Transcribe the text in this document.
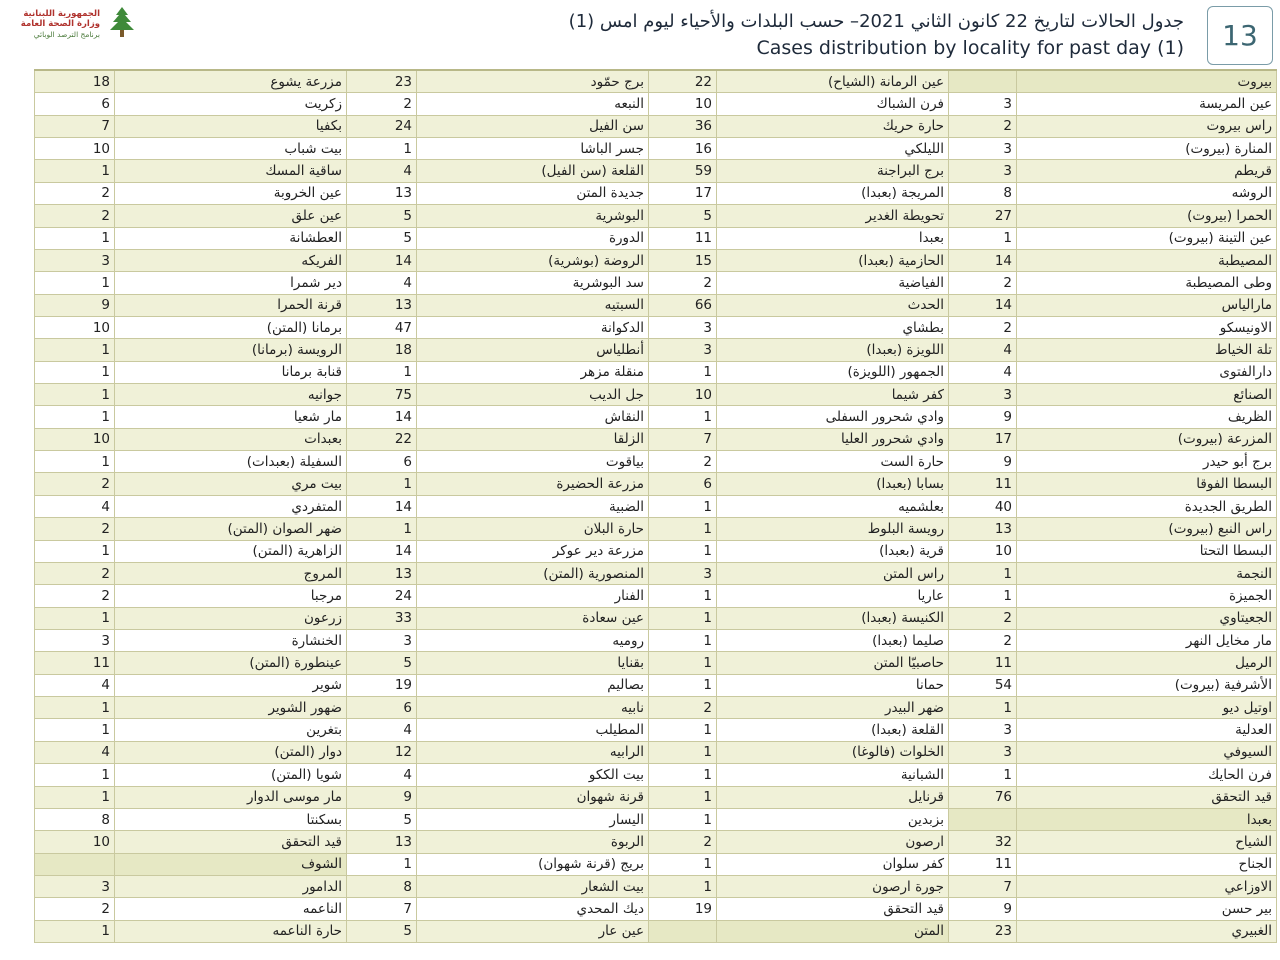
الجمهورية اللبنانية
وزارة الصحة العامة
برنامج الترصد الوبائي
جدول الحالات لتاريخ 22 كانون الثاني 2021– حسب البلدات والأحياء ليوم امس (1)
Cases distribution by locality for past day (1)	13
18	مزرعة يشوع	23	برج حمّود	22	عين الرمانة (الشياح)		بيروت
6	زكريت	2	النبعه	10	فرن الشباك	3	عين المريسة
7	بكفيا	24	سن الفيل	36	حارة حريك	2	راس بيروت
10	بيت شباب	1	جسر الباشا	16	الليلكي	3	المنارة (بيروت)
1	ساقية المسك	4	القلعة (سن الفيل)	59	برج البراجنة	3	قريطم
2	عين الخروبة	13	جديدة المتن	17	المريجة (بعبدا)	8	الروشه
2	عين علق	5	البوشرية	5	تحويطة الغدير	27	الحمرا (بيروت)
1	العطشانة	5	الدورة	11	بعبدا	1	عين التينة (بيروت)
3	الفريكه	14	الروضة (بوشرية)	15	الحازمية (بعبدا)	14	المصيطبة
1	دير شمرا	4	سد البوشرية	2	الفياضية	2	وطى المصيطبة
9	قرنة الحمرا	13	السبتيه	66	الحدث	14	مارالياس
10	برمانا (المتن)	47	الدكوانة	3	بطشاي	2	الاونيسكو
1	الرويسة (برمانا)	18	أنطلياس	3	اللويزة (بعبدا)	4	تلة الخياط
1	قنابة برمانا	1	منقلة مزهر	1	الجمهور (اللويزة)	4	دارالفتوى
1	جوانيه	75	جل الديب	10	كفر شيما	3	الصنائع
1	مار شعيا	14	النقاش	1	وادي شحرور السفلى	9	الظريف
10	بعبدات	22	الزلقا	7	وادي شحرور العليا	17	المزرعة (بيروت)
1	السفيلة (بعبدات)	6	بياقوت	2	حارة الست	9	برج أبو حيدر
2	بيت مري	1	مزرعة الحضيرة	6	بسابا (بعبدا)	11	البسطا الفوقا
4	المتفردي	14	الضبية	1	بعلشميه	40	الطريق الجديدة
2	ضهر الصوان (المتن)	1	حارة البلان	1	رويسة البلوط	13	راس النبع (بيروت)
1	الزاهرية (المتن)	14	مزرعة دير عوكر	1	قرية (بعبدا)	10	البسطا التحتا
2	المروج	13	المنصورية (المتن)	3	راس المتن	1	النجمة
2	مرجبا	24	الفنار	1	عاريا	1	الجميزة
1	زرعون	33	عين سعادة	1	الكنيسة (بعبدا)	2	الجعيتاوي
3	الخنشارة	3	روميه	1	صليما (بعبدا)	2	مار مخايل النهر
11	عينطورة (المتن)	5	بقنايا	1	حاصبيّا المتن	11	الرميل
4	شوير	19	بصاليم	1	حمانا	54	الأشرفية (بيروت)
1	ضهور الشوير	6	نابيه	2	ضهر البيدر	1	اوتيل ديو
1	بتغرين	4	المطيلب	1	القلعة (بعبدا)	3	العدلية
4	دوار (المتن)	12	الرابيه	1	الخلوات (فالوغا)	3	السيوفي
1	شويا (المتن)	4	بيت الككو	1	الشبانية	1	فرن الحايك
1	مار موسى الدوار	9	قرنة شهوان	1	قرنايل	76	قيد التحقق
8	بسكنتا	5	اليسار	1	بزبدين		بعبدا
10	قيد التحقق	13	الربوة	2	ارصون	32	الشياح
	الشوف	1	بريج (قرنة شهوان)	1	كفر سلوان	11	الجناح
3	الدامور	8	بيت الشعار	1	جورة ارصون	7	الاوزاعي
2	الناعمه	7	ديك المحدي	19	قيد التحقق	9	بير حسن
1	حارة الناعمه	5	عين عار		المتن	23	الغبيري
